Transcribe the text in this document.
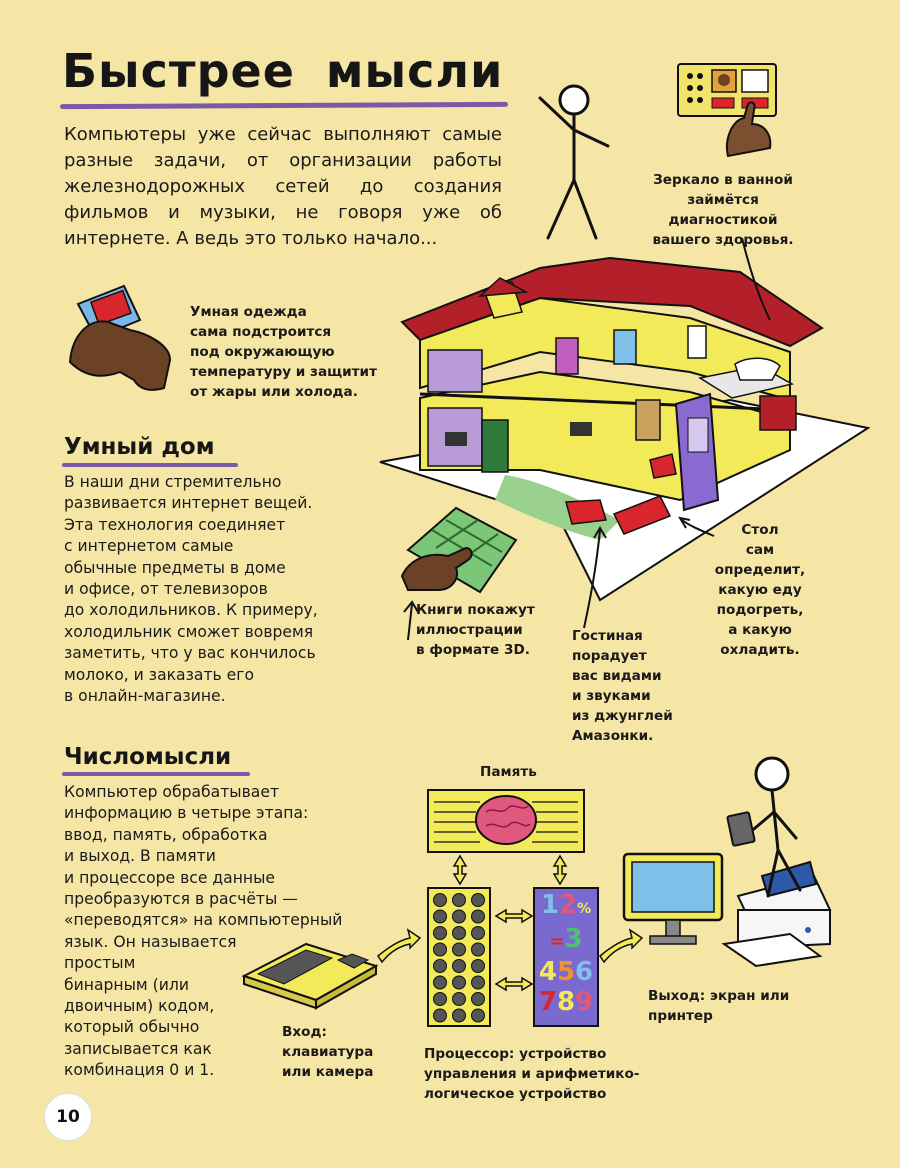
Быстрее мысли
Компьютеры уже сейчас выполняют самые разные задачи, от организации работы железнодорожных сетей до создания фильмов и музыки, не говоря уже об интернете. А ведь это только начало...
12%
=3
456
789
Зеркало в ванной
займётся
диагностикой
вашего здоровья.
Умная одежда
сама подстроится
под окружающую
температуру и защитит
от жары или холода.
Книги покажут
иллюстрации
в формате 3D.
Гостиная
порадует
вас видами
и звуками
из джунглей
Амазонки.
Стол
сам
определит,
какую еду
подогреть,
а какую
охладить.
Умный дом
В наши дни стремительно
развивается интернет вещей.
Эта технология соединяет
с интернетом самые
обычные предметы в доме
и офисе, от телевизоров
до холодильников. К примеру,
холодильник сможет вовремя
заметить, что у вас кончилось
молоко, и заказать его
в онлайн-магазине.
Числомысли
Компьютер обрабатывает
информацию в четыре этапа:
ввод, память, обработка
и выход. В памяти
и процессоре все данные
преобразуются в расчёты —
«переводятся» на компьютерный
язык. Он называется
простым
бинарным (или
двоичным) кодом,
который обычно
записывается как
комбинация 0 и 1.
Память
Вход:
клавиатура
или камера
Процессор: устройство
управления и арифметико-
логическое устройство
Выход: экран или
принтер
10
